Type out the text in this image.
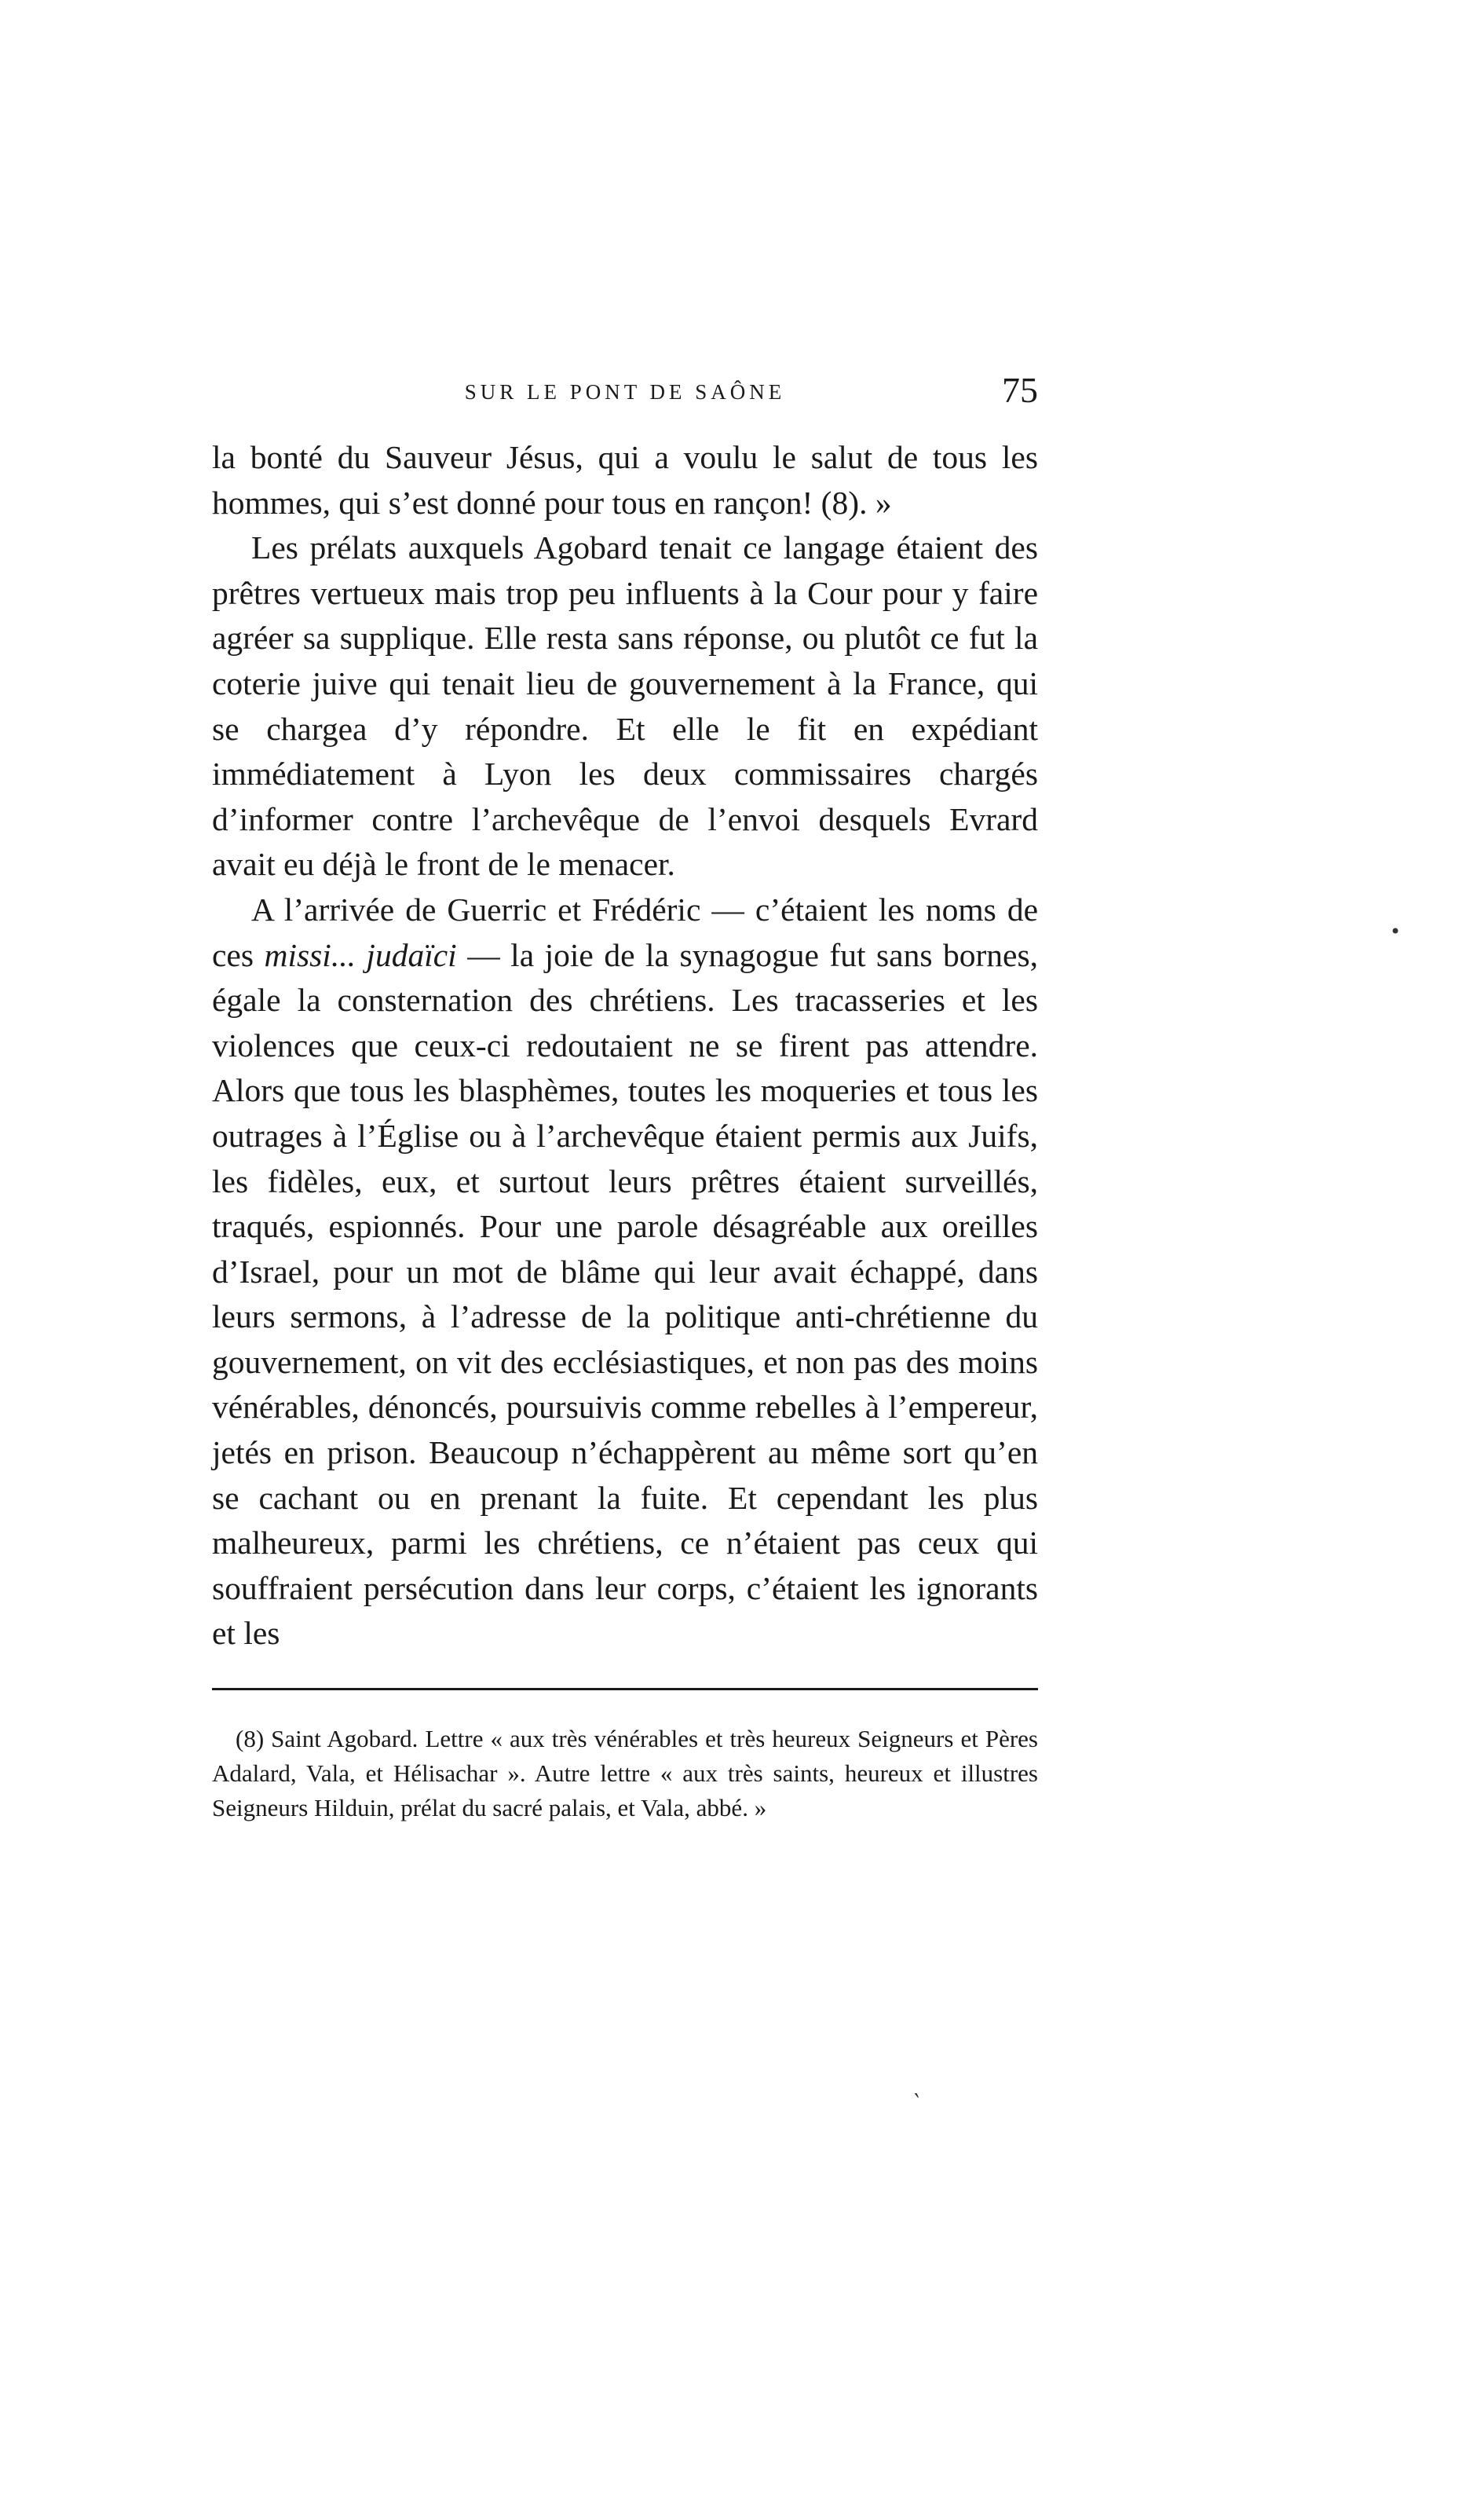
SUR LE PONT DE SAÔNE	75

la bonté du Sauveur Jésus, qui a voulu le salut de tous les hommes, qui s’est donné pour tous en rançon! (8). »

Les prélats auxquels Agobard tenait ce langage étaient des prêtres vertueux mais trop peu influents à la Cour pour y faire agréer sa supplique. Elle resta sans réponse, ou plutôt ce fut la coterie juive qui tenait lieu de gouvernement à la France, qui se chargea d’y répondre. Et elle le fit en expédiant immédiatement à Lyon les deux commissaires chargés d’informer contre l’archevêque de l’envoi desquels Evrard avait eu déjà le front de le menacer.

A l’arrivée de Guerric et Frédéric — c’étaient les noms de ces missi... judaïci — la joie de la synagogue fut sans bornes, égale la consternation des chrétiens. Les tracasseries et les violences que ceux-ci redoutaient ne se firent pas attendre. Alors que tous les blasphèmes, toutes les moqueries et tous les outrages à l’Église ou à l’archevêque étaient permis aux Juifs, les fidèles, eux, et surtout leurs prêtres étaient surveillés, traqués, espionnés. Pour une parole désagréable aux oreilles d’Israel, pour un mot de blâme qui leur avait échappé, dans leurs sermons, à l’adresse de la politique anti-chrétienne du gouvernement, on vit des ecclésiastiques, et non pas des moins vénérables, dénoncés, poursuivis comme rebelles à l’empereur, jetés en prison. Beaucoup n’échappèrent au même sort qu’en se cachant ou en prenant la fuite. Et cependant les plus malheureux, parmi les chrétiens, ce n’étaient pas ceux qui souffraient persécution dans leur corps, c’étaient les ignorants et les

(8) Saint Agobard. Lettre « aux très vénérables et très heureux Seigneurs et Pères Adalard, Vala, et Hélisachar ». Autre lettre « aux très saints, heureux et illustres Seigneurs Hilduin, prélat du sacré palais, et Vala, abbé. »
•
‵
